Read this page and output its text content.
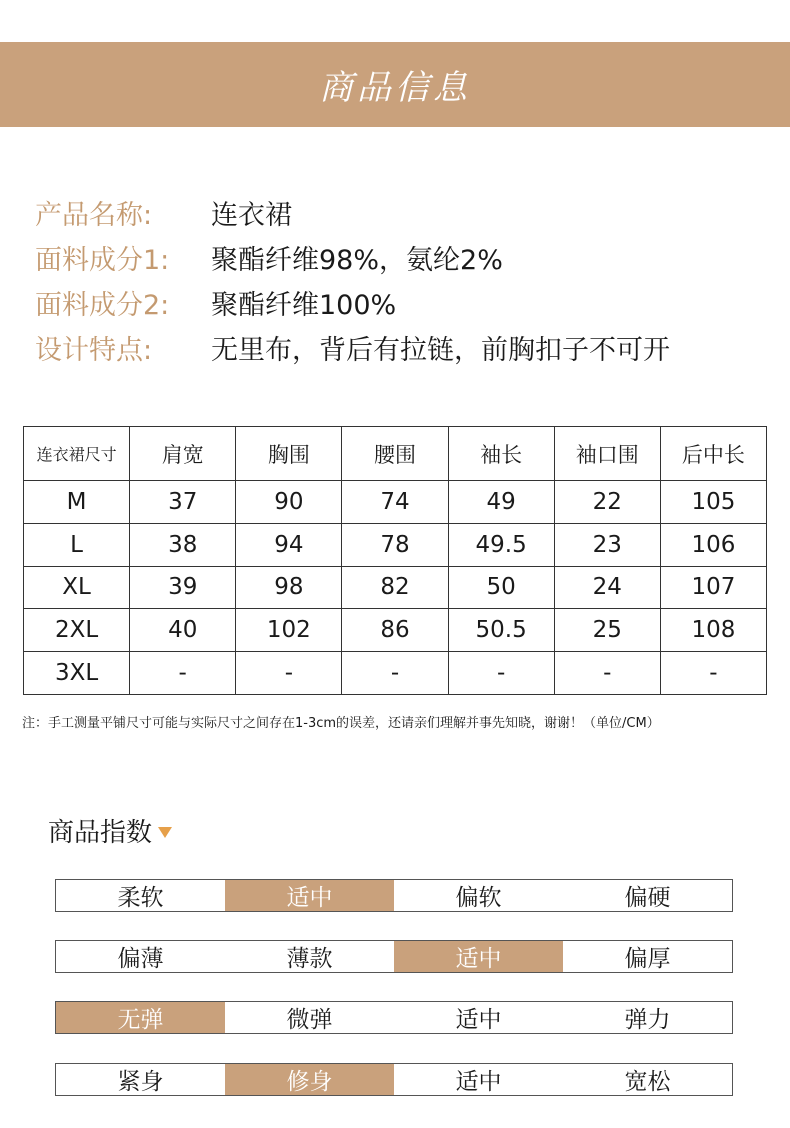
商品信息
产品名称:	连衣裙
面料成分1:	聚酯纤维98%，氨纶2%
面料成分2:	聚酯纤维100%
设计特点:	无里布，背后有拉链，前胸扣子不可开
连衣裙尺寸	肩宽	胸围	腰围	袖长	袖口围	后中长
M	37	90	74	49	22	105
L	38	94	78	49.5	23	106
XL	39	98	82	50	24	107
2XL	40	102	86	50.5	25	108
3XL	-	-	-	-	-	-
注：手工测量平铺尺寸可能与实际尺寸之间存在1-3cm的误差，还请亲们理解并事先知晓，谢谢！（单位/CM）
商品指数
柔软	适中	偏软	偏硬
偏薄	薄款	适中	偏厚
无弹	微弹	适中	弹力
紧身	修身	适中	宽松
